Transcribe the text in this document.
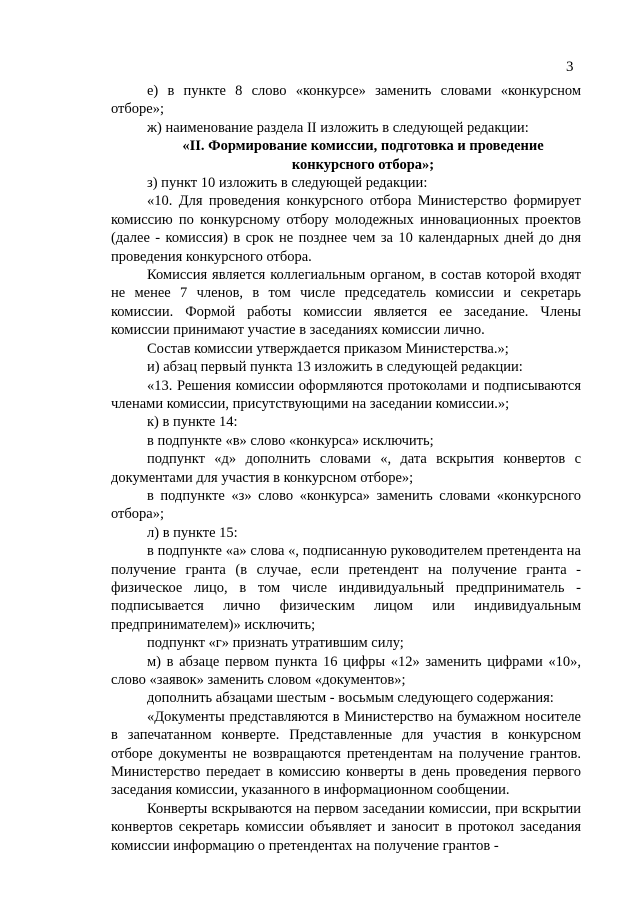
3

е) в пункте 8 слово «конкурсе» заменить словами «конкурсном отборе»;

ж) наименование раздела II изложить в следующей редакции:

«II. Формирование комиссии, подготовка и проведение конкурсного отбора»;

з) пункт 10 изложить в следующей редакции:

«10. Для проведения конкурсного отбора Министерство формирует комиссию по конкурсному отбору молодежных инновационных проектов (далее - комиссия) в срок не позднее чем за 10 календарных дней до дня проведения конкурсного отбора.

Комиссия является коллегиальным органом, в состав которой входят не менее 7 членов, в том числе председатель комиссии и секретарь комиссии. Формой работы комиссии является ее заседание. Члены комиссии принимают участие в заседаниях комиссии лично.

Состав комиссии утверждается приказом Министерства.»;

и) абзац первый пункта 13 изложить в следующей редакции:

«13. Решения комиссии оформляются протоколами и подписываются членами комиссии, присутствующими на заседании комиссии.»;

к) в пункте 14:

в подпункте «в» слово «конкурса» исключить;

подпункт «д» дополнить словами «, дата вскрытия конвертов с документами для участия в конкурсном отборе»;

в подпункте «з» слово «конкурса» заменить словами «конкурсного отбора»;

л) в пункте 15:

в подпункте «а» слова «, подписанную руководителем претендента на получение гранта (в случае, если претендент на получение гранта - физическое лицо, в том числе индивидуальный предприниматель - подписывается лично физическим лицом или индивидуальным предпринимателем)» исключить;

подпункт «г» признать утратившим силу;

м) в абзаце первом пункта 16 цифры «12» заменить цифрами «10», слово «заявок» заменить словом «документов»;

дополнить абзацами шестым - восьмым следующего содержания:

«Документы представляются в Министерство на бумажном носителе в запечатанном конверте. Представленные для участия в конкурсном отборе документы не возвращаются претендентам на получение грантов. Министерство передает в комиссию конверты в день проведения первого заседания комиссии, указанного в информационном сообщении.

Конверты вскрываются на первом заседании комиссии, при вскрытии конвертов секретарь комиссии объявляет и заносит в протокол заседания комиссии информацию о претендентах на получение грантов -
